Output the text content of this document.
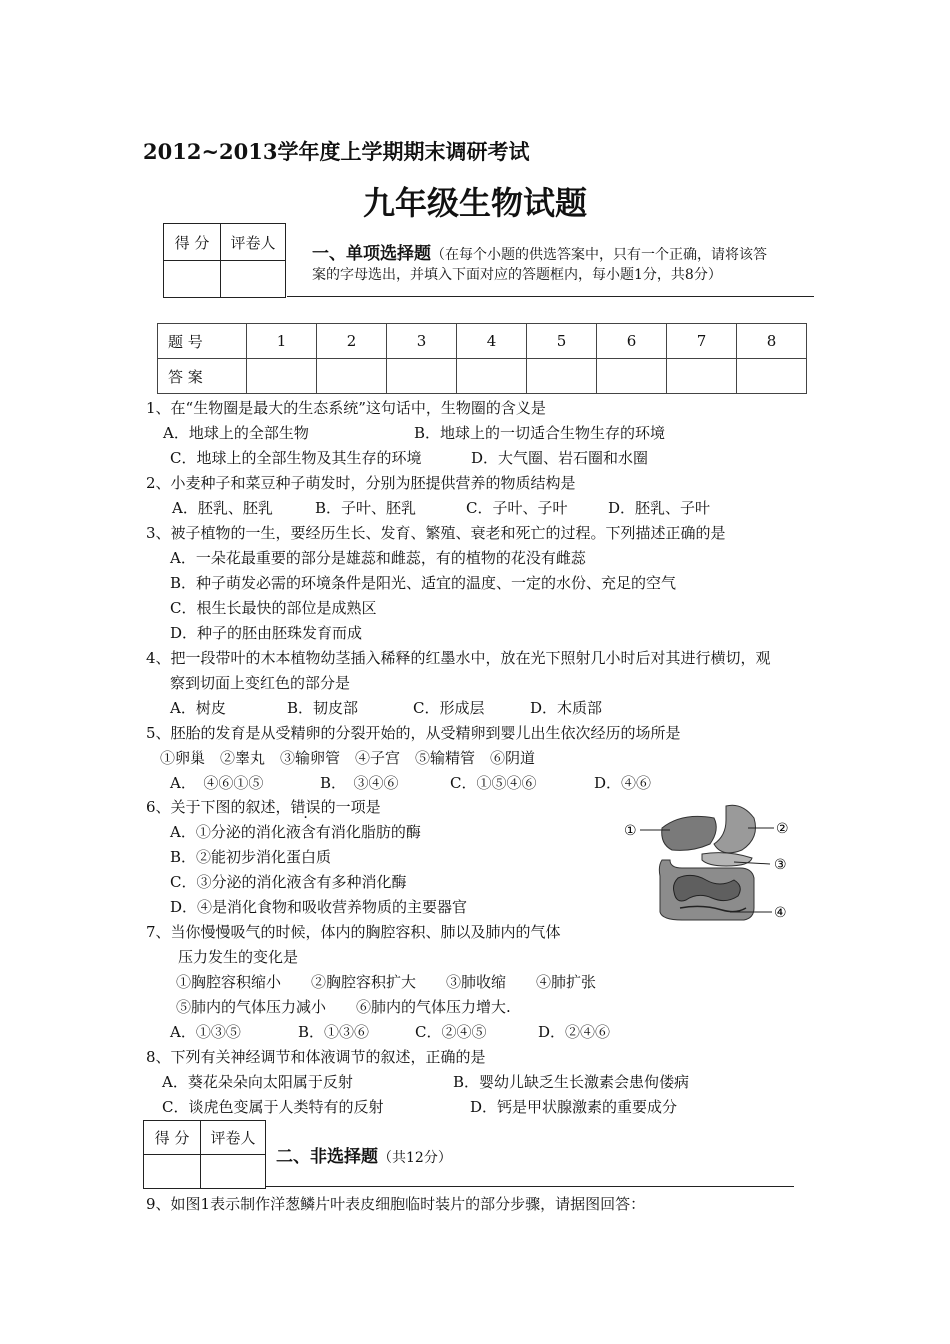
2012~2013学年度上学期期末调研考试
九年级生物试题
得 分	评卷人

一、单项选择题（在每个小题的供选答案中，只有一个正确，请将该答
案的字母选出，并填入下面对应的答题框内，每小题1分，共8分）
题 号	1	2	3	4	5	6	7	8
答 案								
1、在“生物圈是最大的生态系统”这句话中，生物圈的含义是
A．地球上的全部生物	B．地球上的一切适合生物生存的环境
C．地球上的全部生物及其生存的环境	D．大气圈、岩石圈和水圈
2、小麦种子和菜豆种子萌发时，分别为胚提供营养的物质结构是
A．胚乳、胚乳	B．子叶、胚乳	C．子叶、子叶	D．胚乳、子叶
3、被子植物的一生，要经历生长、发育、繁殖、衰老和死亡的过程。下列描述正确的是
A．一朵花最重要的部分是雄蕊和雌蕊，有的植物的花没有雌蕊
B．种子萌发必需的环境条件是阳光、适宜的温度、一定的水份、充足的空气
C．根生长最快的部位是成熟区
D．种子的胚由胚珠发育而成
4、把一段带叶的木本植物幼茎插入稀释的红墨水中，放在光下照射几小时后对其进行横切，观
察到切面上变红色的部分是
A．树皮	B．韧皮部	C．形成层	D．木质部
5、胚胎的发育是从受精卵的分裂开始的，从受精卵到婴儿出生依次经历的场所是
①卵巢　②睾丸　③输卵管　④子宫　⑤输精管　⑥阴道
A．　④⑥①⑤	B．　③④⑥	C．①⑤④⑥	D．④⑥
6、关于下图的叙述，错误的一项是
A．①分泌的消化液含有消化脂肪的酶
B．②能初步消化蛋白质
C．③分泌的消化液含有多种消化酶
D．④是消化食物和吸收营养物质的主要器官
①	②
③
④
7、当你慢慢吸气的时候，体内的胸腔容积、肺以及肺内的气体
压力发生的变化是
①胸腔容积缩小　　②胸腔容积扩大　　③肺收缩　　④肺扩张
⑤肺内的气体压力减小　　⑥肺内的气体压力增大.
A．①③⑤	B．①③⑥	C．②④⑤	D．②④⑥
8、下列有关神经调节和体液调节的叙述，正确的是
A．葵花朵朵向太阳属于反射	B．婴幼儿缺乏生长激素会患佝偻病
C．谈虎色变属于人类特有的反射	D．钙是甲状腺激素的重要成分
得 分	评卷人

二、非选择题（共12分）
9、如图1表示制作洋葱鳞片叶表皮细胞临时装片的部分步骤，请据图回答：
